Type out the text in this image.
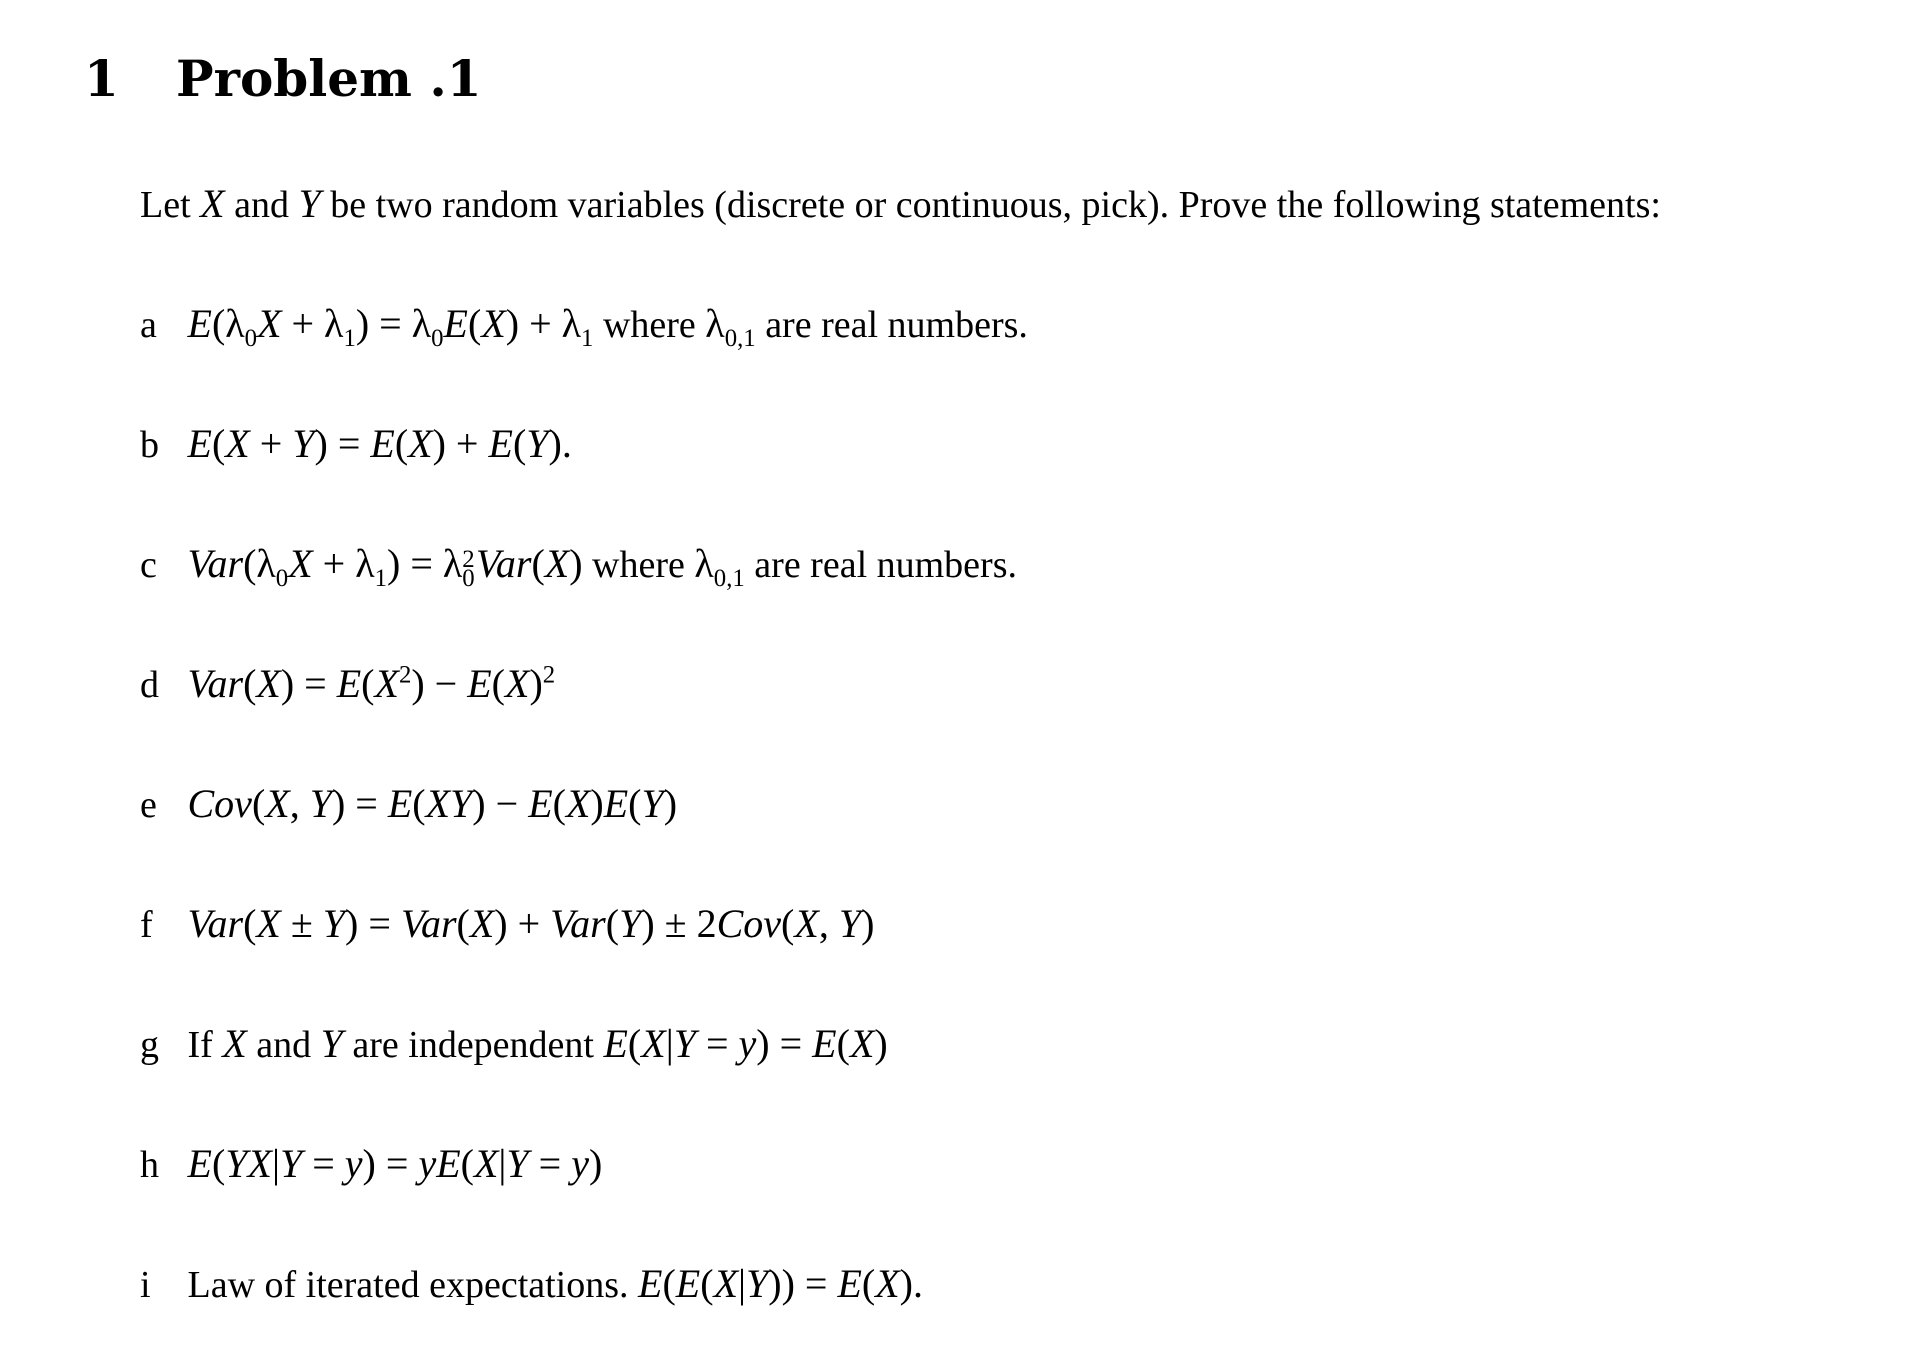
1 Problem .1
Let X and Y be two random variables (discrete or continuous, pick). Prove the following statements:
a $E(\lambda_0X + \lambda_1) = \lambda_0E(X) + \lambda_1$ where $\lambda_{0,1}$ are real numbers.
b E(X + Y) = E(X) + E(Y).
c $Var(\lambda_0X + \lambda_1) = \lambda$ 2
0 Var(X) where $\lambda_{0,1}$ are real numbers.
d $Var(X) = E(X^2) - E(X)^2$
e Cov(X, Y) = E(XY) − E(X)E(Y)
f Var(X ± Y) = Var(X) + Var(Y) ± 2Cov(X, Y)
g If X and Y are independent E(X|Y = y) = E(X)
h E(YX|Y = y) = yE(X|Y = y)
i Law of iterated expectations. E(E(X|Y)) = E(X).
